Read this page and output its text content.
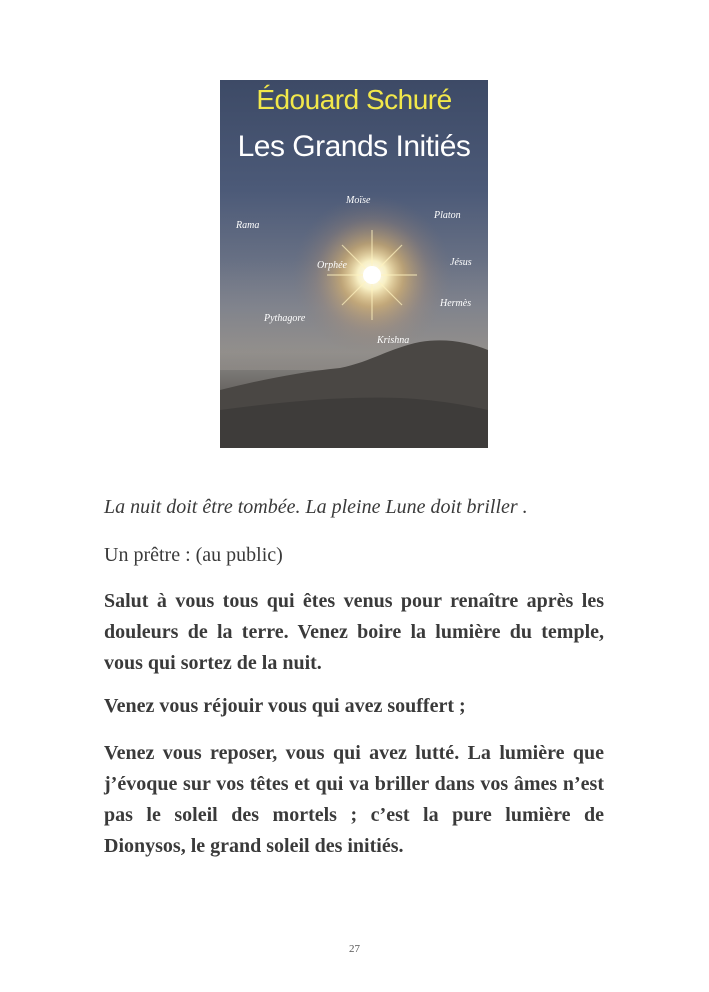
Édouard Schuré
Les Grands Initiés
Moïse
Rama
Platon
Orphée	Jésus
Hermès
Pythagore
Krishna

La nuit doit être tombée. La pleine Lune doit briller .

Un prêtre : (au public)

Salut à vous tous qui êtes venus pour renaître après les douleurs de la terre. Venez boire la lumière du temple, vous qui sortez de la nuit.

Venez vous réjouir vous qui avez souffert ;

Venez vous reposer, vous qui avez lutté. La lumière que j’évoque sur vos têtes et qui va briller dans vos âmes n’est pas le soleil des mortels ; c’est la pure lumière de Dionysos, le grand soleil des initiés.

27
